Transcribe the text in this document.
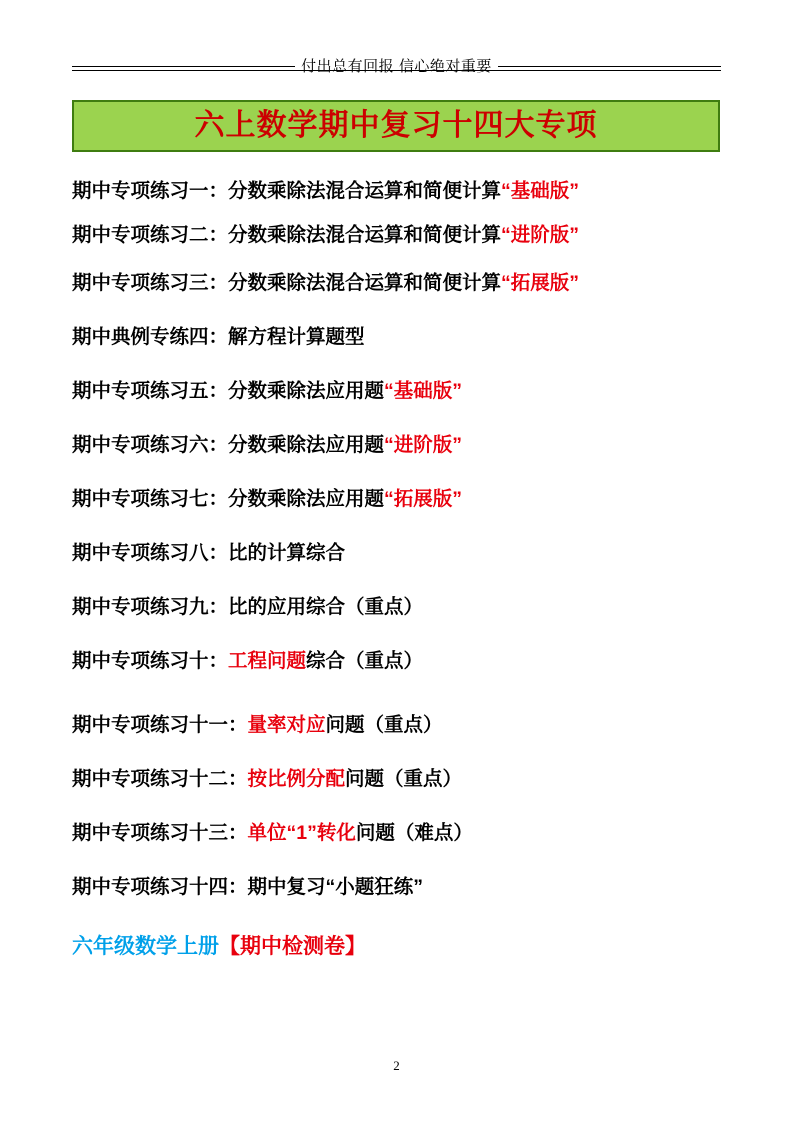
付出总有回报 信心绝对重要
六上数学期中复习十四大专项
期中专项练习一：分数乘除法混合运算和简便计算“基础版”
期中专项练习二：分数乘除法混合运算和简便计算“进阶版”
期中专项练习三：分数乘除法混合运算和简便计算“拓展版”
期中典例专练四：解方程计算题型
期中专项练习五：分数乘除法应用题“基础版”
期中专项练习六：分数乘除法应用题“进阶版”
期中专项练习七：分数乘除法应用题“拓展版”
期中专项练习八：比的计算综合
期中专项练习九：比的应用综合（重点）
期中专项练习十：工程问题综合（重点）
期中专项练习十一：量率对应问题（重点）
期中专项练习十二：按比例分配问题（重点）
期中专项练习十三：单位“1”转化问题（难点）
期中专项练习十四：期中复习“小题狂练”
六年级数学上册【期中检测卷】
2
